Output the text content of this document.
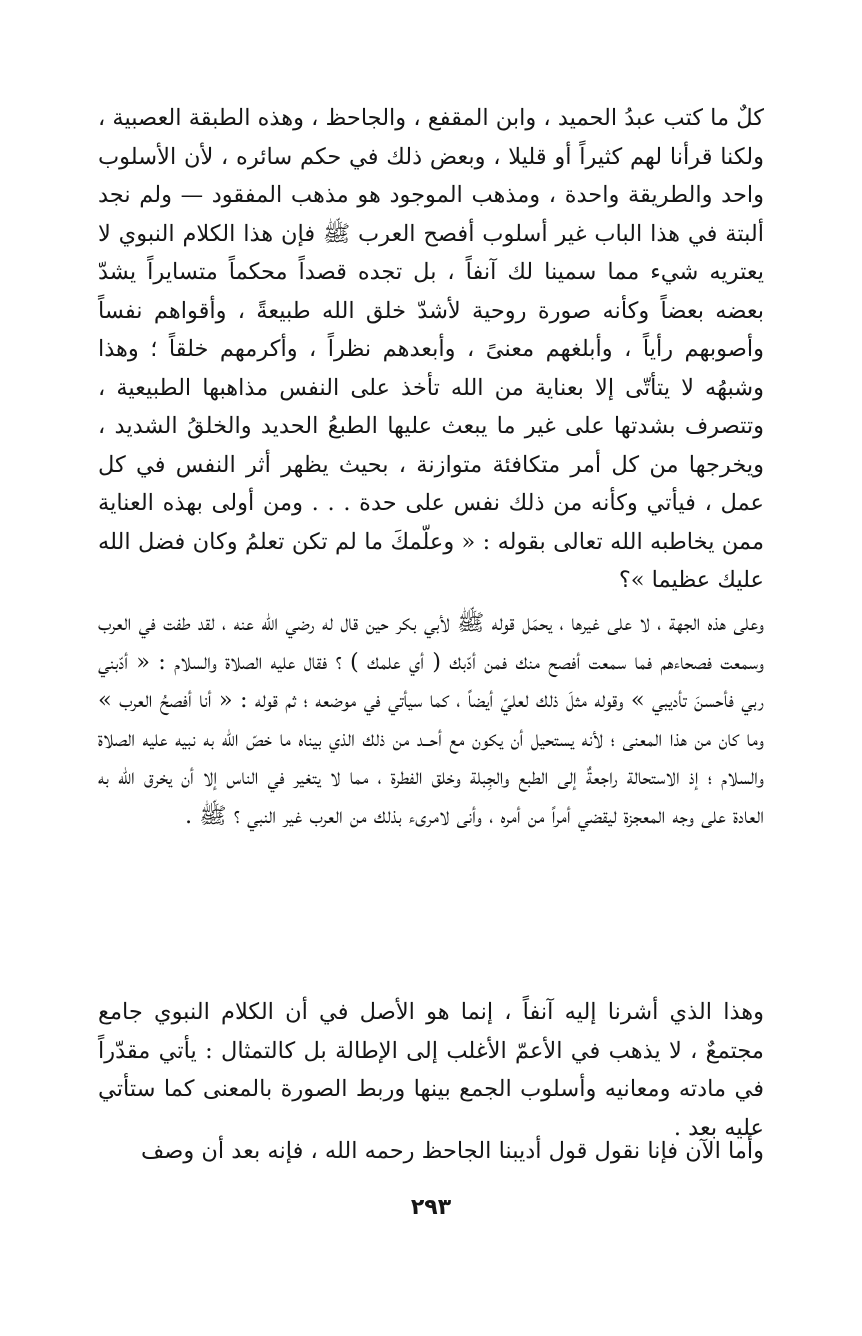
كلٌ ما كتب عبدُ الحميد ، وابن المقفع ، والجاحظ ، وهذه الطبقة العصبية ، ولكنا قرأنا لهم كثيراً أو قليلا ، وبعض ذلك في حكم سائره ، لأن الأسلوب واحد والطريقة واحدة ، ومذهب الموجود هو مذهب المفقود — ولم نجد ألبتة في هذا الباب غير أسلوب أفصح العرب ﷺ فإن هذا الكلام النبوي لا يعتريه شيء مما سمينا لك آنفاً ، بل تجده قصداً محكماً متسايراً يشدّ بعضه بعضاً وكأنه صورة روحية لأشدّ خلق الله طبيعةً ، وأقواهم نفساً وأصوبهم رأياً ، وأبلغهم معنىً ، وأبعدهم نظراً ، وأكرمهم خلقاً ؛ وهذا وشبهُه لا يتأتّى إلا بعناية من الله تأخذ على النفس مذاهبها الطبيعية ، وتتصرف بشدتها على غير ما يبعث عليها الطبعُ الحديد والخلقُ الشديد ، ويخرجها من كل أمر متكافئة متوازنة ، بحيث يظهر أثر النفس في كل عمل ، فيأتي وكأنه من ذلك نفس على حدة . . . ومن أولى بهذه العناية ممن يخاطبه الله تعالى بقوله : « وعلّمكَ ما لم تكن تعلمُ وكان فضل الله عليك عظيما »؟

وعلى هذه الجهة ، لا على غيرها ، يحمَل قوله ﷺ لأبي بكر حين قال له رضي الله عنه ، لقد طفت في العرب وسمعت فصحاءهم فما سمعت أفصح منك فمن أدّبك ( أي علمك ) ؟ فقال عليه الصلاة والسلام : « أدّبني ربي فأحسنَ تأديبي » وقوله مثلَ ذلك لعليّ أيضاً ، كما سيأتي في موضعه ؛ ثم قوله : « أنا أفصحُ العرب » وما كان من هذا المعنى ؛ لأنه يستحيل أن يكون مع أحــد من ذلك الذي بيناه ما خصّ الله به نبيه عليه الصلاة والسلام ؛ إذ الاستحالة راجعةٌ إلى الطبع والجِبلة وخلق الفطرة ، مما لا يتغير في الناس إلا أن يخرق الله به العادة على وجه المعجزة ليقضي أمراً من أمره ، وأنى لامرىء بذلك من العرب غير النبي ؟ ﷺ .

وهذا الذي أشرنا إليه آنفاً ، إنما هو الأصل في أن الكلام النبوي جامع مجتمعٌ ، لا يذهب في الأعمّ الأغلب إلى الإطالة بل كالتمثال : يأتي مقدّراً في مادته ومعانيه وأسلوب الجمع بينها وربط الصورة بالمعنى كما ستأتي عليه بعد .

وأما الآن فإنا نقول قول أديبنا الجاحظ رحمه الله ، فإنه بعد أن وصف

٢٩٣
